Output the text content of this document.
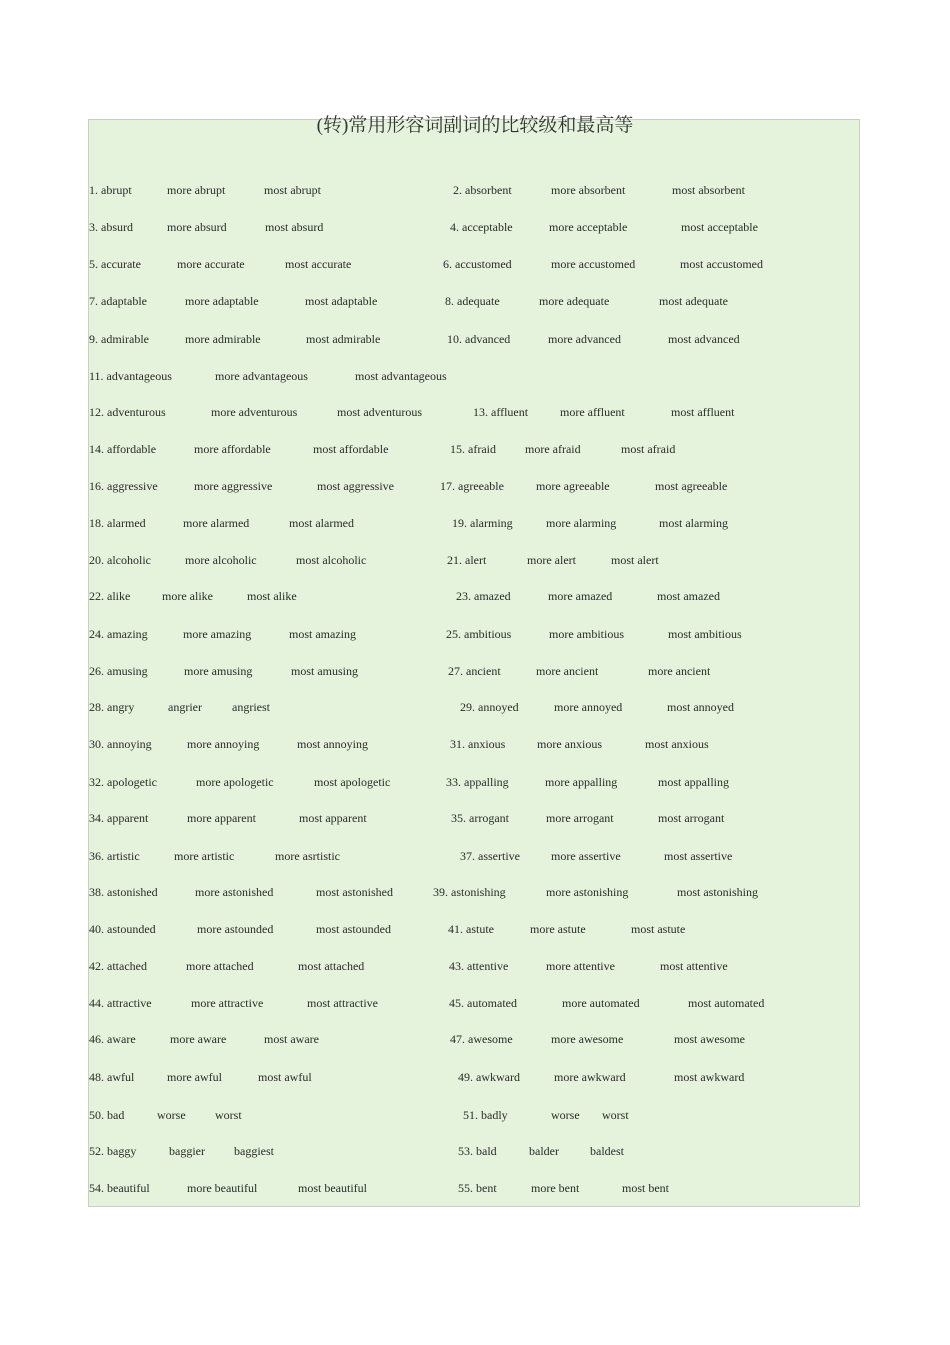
(转)常用形容词副词的比较级和最高等
1. abrupt	more abrupt	most abrupt	2. absorbent	more absorbent	most absorbent
3. absurd	more absurd	most absurd	4. acceptable	more acceptable	most acceptable
5. accurate	more accurate	most accurate	6. accustomed	more accustomed	most accustomed
7. adaptable	more adaptable	most adaptable	8. adequate	more adequate	most adequate
9. admirable	more admirable	most admirable	10. advanced	more advanced	most advanced
11. advantageous	more advantageous	most advantageous
12. adventurous	more adventurous	most adventurous	13. affluent	more affluent	most affluent
14. affordable	more affordable	most affordable	15. afraid more afraid	most afraid
16. aggressive	more aggressive	most aggressive	17. agreeable	more agreeable	most agreeable
18. alarmed	more alarmed	most alarmed	19. alarming	more alarming	most alarming
20. alcoholic	more alcoholic	most alcoholic	21. alert	more alert	most alert
22. alike	more alike	most alike	23. amazed	more amazed	most amazed
24. amazing	more amazing	most amazing	25. ambitious	more ambitious	most ambitious
26. amusing	more amusing	most amusing	27. ancient	more ancient	more ancient
28. angry	angrier	angriest	29. annoyed	more annoyed	most annoyed
30. annoying	more annoying	most annoying	31. anxious	more anxious	most anxious
32. apologetic	more apologetic	most apologetic	33. appalling	more appalling	most appalling
34. apparent	more apparent	most apparent	35. arrogant	more arrogant	most arrogant
36. artistic	more artistic	more asrtistic	37. assertive	more assertive	most assertive
38. astonished	more astonished	most astonished	39. astonishing	more astonishing	most astonishing
40. astounded	more astounded	most astounded	41. astute	more astute	most astute
42. attached	more attached	most attached	43. attentive	more attentive	most attentive
44. attractive	more attractive	most attractive	45. automated	more automated	most automated
46. aware	more aware	most aware	47. awesome	more awesome	most awesome
48. awful	more awful	most awful	49. awkward	more awkward	most awkward
50. bad	worse worst	51. badly	worse worst
52. baggy	baggier baggiest	53. bald	balder	baldest
54. beautiful	more beautiful	most beautiful	55. bent	more bent	most bent
